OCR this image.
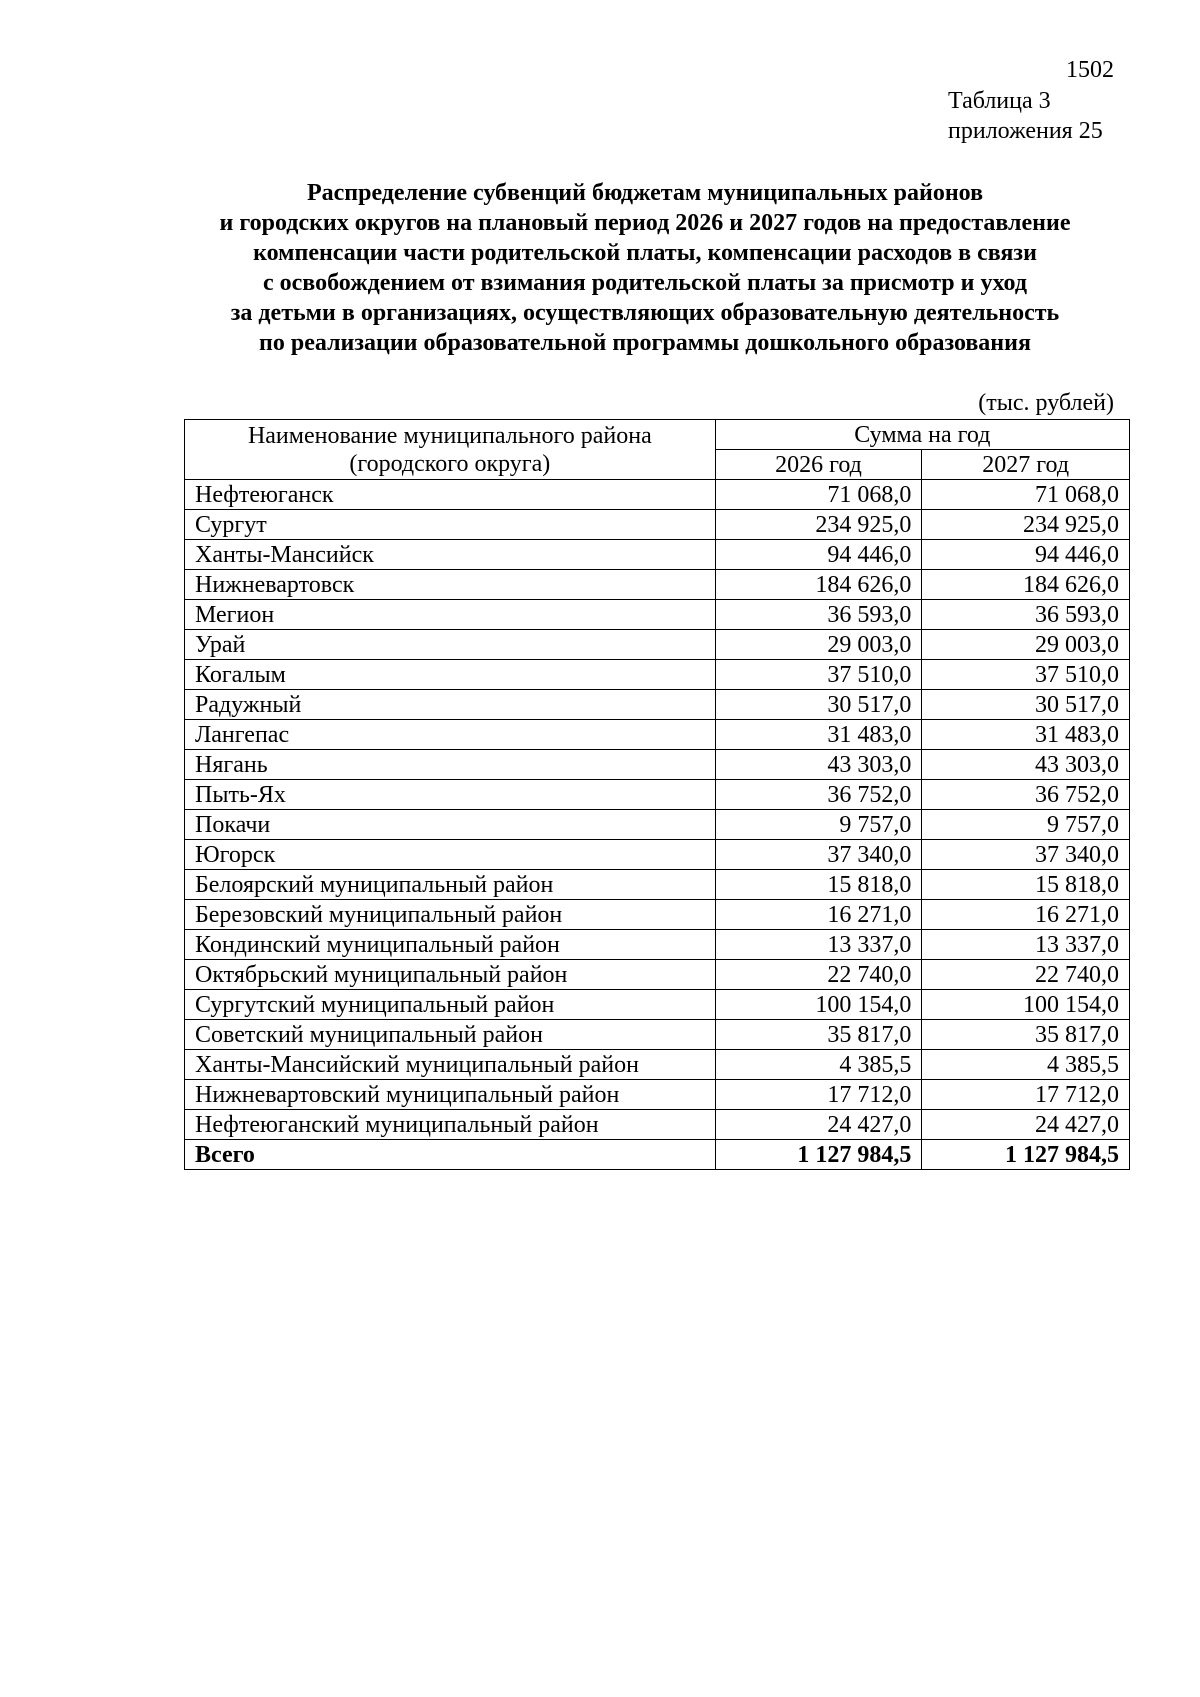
1502
Таблица 3
приложения 25
Распределение субвенций бюджетам муниципальных районов
и городских округов на плановый период 2026 и 2027 годов на предоставление
компенсации части родительской платы, компенсации расходов в связи
с освобождением от взимания родительской платы за присмотр и уход
за детьми в организациях, осуществляющих образовательную деятельность
по реализации образовательной программы дошкольного образования
(тыс. рублей)
Наименование муниципального района
(городского округа)	Сумма на год	
	2026 год	2027 год
Нефтеюганск	71 068,0	71 068,0
Сургут	234 925,0	234 925,0
Ханты-Мансийск	94 446,0	94 446,0
Нижневартовск	184 626,0	184 626,0
Мегион	36 593,0	36 593,0
Урай	29 003,0	29 003,0
Когалым	37 510,0	37 510,0
Радужный	30 517,0	30 517,0
Лангепас	31 483,0	31 483,0
Нягань	43 303,0	43 303,0
Пыть-Ях	36 752,0	36 752,0
Покачи	9 757,0	9 757,0
Югорск	37 340,0	37 340,0
Белоярский муниципальный район	15 818,0	15 818,0
Березовский муниципальный район	16 271,0	16 271,0
Кондинский муниципальный район	13 337,0	13 337,0
Октябрьский муниципальный район	22 740,0	22 740,0
Сургутский муниципальный район	100 154,0	100 154,0
Советский муниципальный район	35 817,0	35 817,0
Ханты-Мансийский муниципальный район	4 385,5	4 385,5
Нижневартовский муниципальный район	17 712,0	17 712,0
Нефтеюганский муниципальный район	24 427,0	24 427,0
Всего	1 127 984,5	1 127 984,5
